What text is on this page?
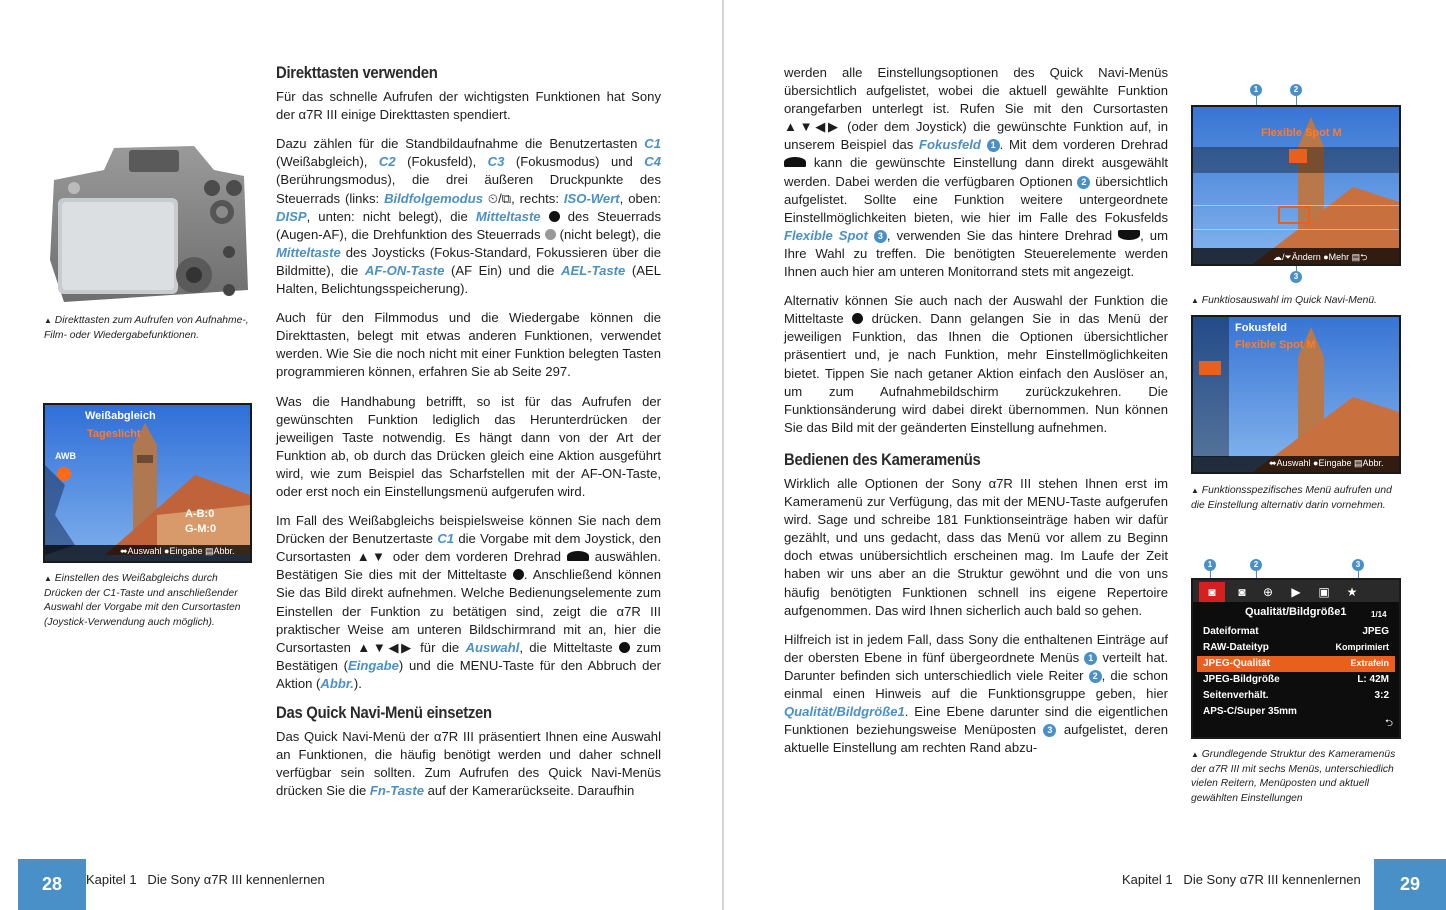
▲ Direkttasten zum Aufrufen von Aufnahme-, Film- oder Wiedergabefunktionen.
Weißabgleich
Tageslicht
AWB
A-B:0
G-M:0
⬌Auswahl ●Eingabe ▤Abbr.
▲ Einstellen des Weißabgleichs durch Drücken der C1-Taste und anschließender Auswahl der Vorgabe mit den Cursortasten (Joystick-Verwendung auch möglich).
Direkttasten verwenden

Für das schnelle Aufrufen der wichtigsten Funktionen hat Sony der α7R III einige Direkttasten spendiert.

Dazu zählen für die Standbildaufnahme die Benutzertasten C1 (Weißabgleich), C2 (Fokusfeld), C3 (Fokusmodus) und C4 (Berührungsmodus), die drei äußeren Druckpunkte des Steuerrads (links: Bildfolgemodus ⏲/⧉, rechts: ISO-Wert, oben: DISP, unten: nicht belegt), die Mitteltaste  des Steuerrads (Augen-AF), die Drehfunktion des Steuerrads  (nicht belegt), die Mitteltaste des Joysticks (Fokus-Standard, Fokussieren über die Bildmitte), die AF-ON-Taste (AF Ein) und die AEL-Taste (AEL Halten, Belichtungsspeicherung).

Auch für den Filmmodus und die Wiedergabe können die Direkttasten, belegt mit etwas anderen Funktionen, verwendet werden. Wie Sie die noch nicht mit einer Funktion belegten Tasten programmieren können, erfahren Sie ab Seite 297.

Was die Handhabung betrifft, so ist für das Aufrufen der gewünschten Funktion lediglich das Herunterdrücken der jeweiligen Taste notwendig. Es hängt dann von der Art der Funktion ab, ob durch das Drücken gleich eine Aktion ausgeführt wird, wie zum Beispiel das Scharfstellen mit der AF-ON-Taste, oder erst noch ein Einstellungsmenü aufgerufen wird.

Im Fall des Weißabgleichs beispielsweise können Sie nach dem Drücken der Benutzertaste C1 die Vorgabe mit dem Joystick, den Cursortasten ▲▼ oder dem vorderen Drehrad  auswählen. Bestätigen Sie dies mit der Mitteltaste . Anschließend können Sie das Bild direkt aufnehmen. Welche Bedienungselemente zum Einstellen der Funktion zu betätigen sind, zeigt die α7R III praktischer Weise am unteren Bildschirmrand mit an, hier die Cursortasten ▲▼◀▶ für die Auswahl, die Mitteltaste  zum Bestätigen (Eingabe) und die MENU-Taste für den Abbruch der Aktion (Abbr.).

Das Quick Navi-Menü einsetzen

Das Quick Navi-Menü der α7R III präsentiert Ihnen eine Auswahl an Funktionen, die häufig benötigt werden und daher schnell verfügbar sein sollten. Zum Aufrufen des Quick Navi-Menüs drücken Sie die Fn-Taste auf der Kamerarückseite. Daraufhin

28	Kapitel 1   Die Sony α7R III kennenlernen

werden alle Einstellungsoptionen des Quick Navi-Menüs übersichtlich aufgelistet, wobei die aktuell gewählte Funktion orangefarben unterlegt ist. Rufen Sie mit den Cursortasten ▲▼◀▶ (oder dem Joystick) die gewünschte Funktion auf, in unserem Beispiel das Fokusfeld 1 . Mit dem vorderen Drehrad  kann die gewünschte Einstellung dann direkt ausgewählt werden. Dabei werden die verfügbaren Optionen 2 übersichtlich aufgelistet. Sollte eine Funktion weitere untergeordnete Einstellmöglichkeiten bieten, wie hier im Falle des Fokusfelds Flexible Spot 3 , verwenden Sie das hintere Drehrad , um Ihre Wahl zu treffen. Die benötigten Steuerelemente werden Ihnen auch hier am unteren Monitorrand stets mit angezeigt.

Alternativ können Sie auch nach der Auswahl der Funktion die Mitteltaste  drücken. Dann gelangen Sie in das Menü der jeweiligen Funktion, das Ihnen die Optionen übersichtlicher präsentiert und, je nach Funktion, mehr Einstellmöglichkeiten bietet. Tippen Sie nach getaner Aktion einfach den Auslöser an, um zum Aufnahmebildschirm zurückzukehren. Die Funktionsänderung wird dabei direkt übernommen. Nun können Sie das Bild mit der geänderten Einstellung aufnehmen.

Bedienen des Kameramenüs

Wirklich alle Optionen der Sony α7R III stehen Ihnen erst im Kameramenü zur Verfügung, das mit der MENU-Taste aufgerufen wird. Sage und schreibe 181 Funktionseinträge haben wir dafür gezählt, und uns gedacht, dass das Menü vor allem zu Beginn doch etwas unübersichtlich erscheinen mag. Im Laufe der Zeit haben wir uns aber an die Struktur gewöhnt und die von uns häufig benötigten Funktionen schnell ins eigene Repertoire aufgenommen. Das wird Ihnen sicherlich auch bald so gehen.

Hilfreich ist in jedem Fall, dass Sony die enthaltenen Einträge auf der obersten Ebene in fünf übergeordnete Menüs 1 verteilt hat. Darunter befinden sich unterschiedlich viele Reiter 2 , die schon einmal einen Hinweis auf die Funktionsgruppe geben, hier Qualität/Bildgröße1. Eine Ebene darunter sind die eigentlichen Funktionen beziehungsweise Menüposten 3 aufgelistet, deren aktuelle Einstellung am rechten Rand abzu-

1	2
Flexible Spot M
☁/⏷Ändern ●Mehr ▤⮌
3
▲ Funktiosauswahl im Quick Navi-Menü.
Fokusfeld
Flexible Spot M
⬌Auswahl ●Eingabe ▤Abbr.
▲ Funktionsspezifisches Menü aufrufen und die Einstellung alternativ darin vornehmen.
1	2	3
◙	◙	⊕	▶	▣	★
Qualität/Bildgröße1	1/14
Dateiformat	JPEG
RAW-Dateityp	Komprimiert
JPEG-Qualität	Extrafein
JPEG-Bildgröße	L: 42M
Seitenverhält.	3:2
APS-C/Super 35mm
⮌
▲ Grundlegende Struktur des Kameramenüs der α7R III mit sechs Menüs, unterschiedlich vielen Reitern, Menüposten und aktuell gewählten Einstellungen
Kapitel 1   Die Sony α7R III kennenlernen	29
